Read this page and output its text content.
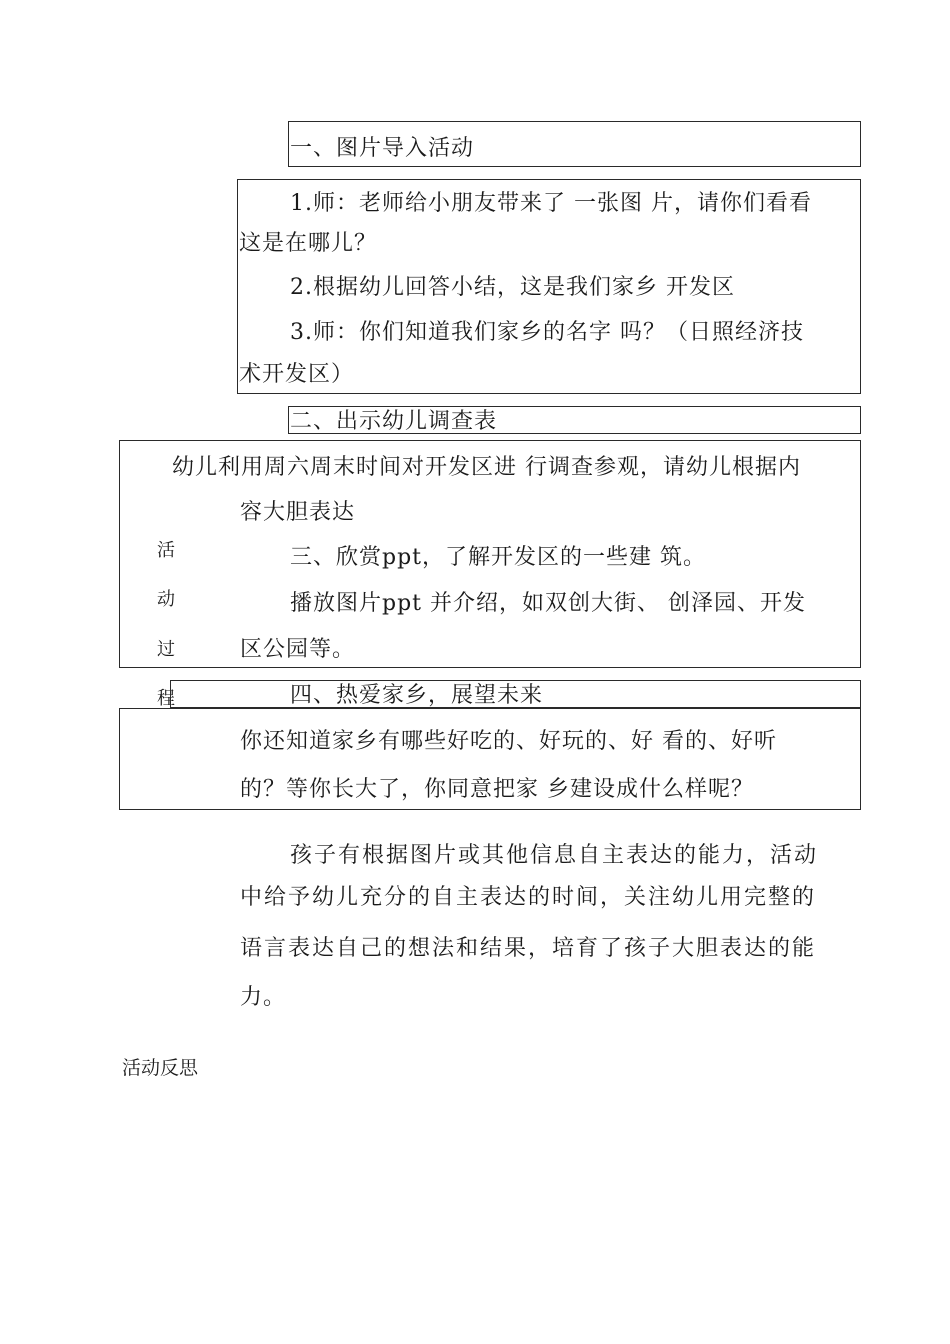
一、图片导入活动
1.师：老师给小朋友带来了 一张图 片，请你们看看
这是在哪儿？
2.根据幼儿回答小结，这是我们家乡 开发区
3.师：你们知道我们家乡的名字 吗？（日照经济技
术开发区）
二、出示幼儿调查表
幼儿利用周六周末时间对开发区进 行调查参观，请幼儿根据内
容大胆表达
三、欣赏ppt，了解开发区的一些建 筑。
播放图片ppt 并介绍，如双创大街、 创泽园、开发
区公园等。
活
动
过
程	四、热爱家乡，展望未来
你还知道家乡有哪些好吃的、好玩的、好 看的、好听
的？等你长大了，你同意把家 乡建设成什么样呢？
孩子有根据图片或其他信息自主表达的能力，活动
中给予幼儿充分的自主表达的时间，关注幼儿用完整的
语言表达自己的想法和结果，培育了孩子大胆表达的能
力。
活动反思
